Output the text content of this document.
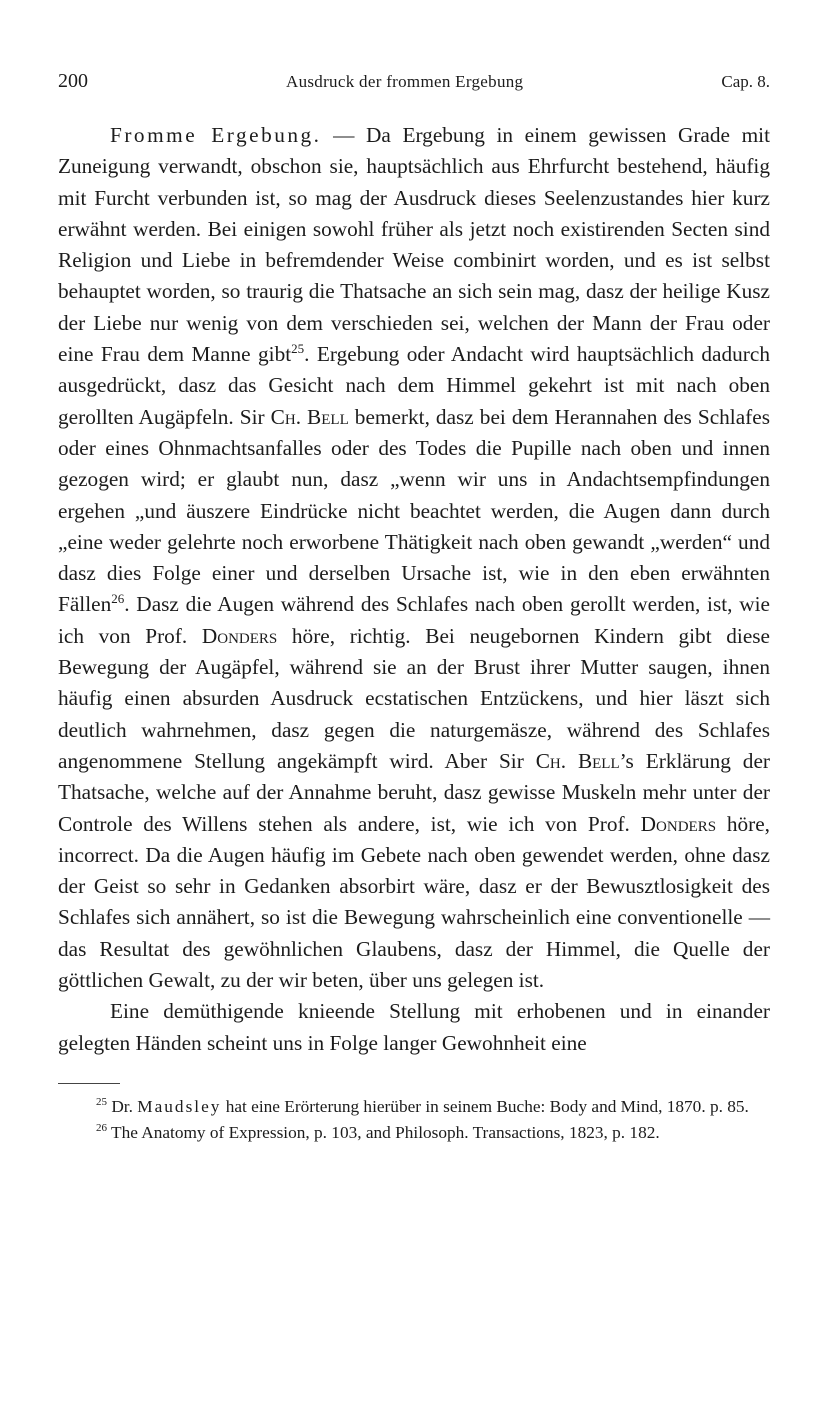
200	Ausdruck der frommen Ergebung	Cap. 8.

Fromme Ergebung. — Da Ergebung in einem gewissen Grade mit Zuneigung verwandt, obschon sie, hauptsächlich aus Ehrfurcht bestehend, häufig mit Furcht verbunden ist, so mag der Ausdruck dieses Seelenzustandes hier kurz erwähnt werden. Bei einigen sowohl früher als jetzt noch existirenden Secten sind Religion und Liebe in befremdender Weise combinirt worden, und es ist selbst behauptet worden, so traurig die Thatsache an sich sein mag, dasz der heilige Kusz der Liebe nur wenig von dem verschieden sei, welchen der Mann der Frau oder eine Frau dem Manne gibt$^{25}$. Ergebung oder Andacht wird hauptsächlich dadurch ausgedrückt, dasz das Gesicht nach dem Himmel gekehrt ist mit nach oben gerollten Augäpfeln. Sir Ch. Bell bemerkt, dasz bei dem Herannahen des Schlafes oder eines Ohnmachtsanfalles oder des Todes die Pupille nach oben und innen gezogen wird; er glaubt nun, dasz „wenn wir uns in Andachtsempfindungen ergehen „und äuszere Eindrücke nicht beachtet werden, die Augen dann durch „eine weder gelehrte noch erworbene Thätigkeit nach oben gewandt „werden“ und dasz dies Folge einer und derselben Ursache ist, wie in den eben erwähnten Fällen$^{26}$. Dasz die Augen während des Schlafes nach oben gerollt werden, ist, wie ich von Prof. Donders höre, richtig. Bei neugebornen Kindern gibt diese Bewegung der Augäpfel, während sie an der Brust ihrer Mutter saugen, ihnen häufig einen absurden Ausdruck ecstatischen Entzückens, und hier läszt sich deutlich wahrnehmen, dasz gegen die naturgemäsze, während des Schlafes angenommene Stellung angekämpft wird. Aber Sir Ch. Bell’s Erklärung der Thatsache, welche auf der Annahme beruht, dasz gewisse Muskeln mehr unter der Controle des Willens stehen als andere, ist, wie ich von Prof. Donders höre, incorrect. Da die Augen häufig im Gebete nach oben gewendet werden, ohne dasz der Geist so sehr in Gedanken absorbirt wäre, dasz er der Bewusztlosigkeit des Schlafes sich annähert, so ist die Bewegung wahrscheinlich eine conventionelle — das Resultat des gewöhnlichen Glaubens, dasz der Himmel, die Quelle der göttlichen Gewalt, zu der wir beten, über uns gelegen ist.

Eine demüthigende knieende Stellung mit erhobenen und in einander gelegten Händen scheint uns in Folge langer Gewohnheit eine

$^{25}$ Dr. Maudsley hat eine Erörterung hierüber in seinem Buche: Body and Mind, 1870. p. 85.

$^{26}$ The Anatomy of Expression, p. 103, and Philosoph. Transactions, 1823, p. 182.
